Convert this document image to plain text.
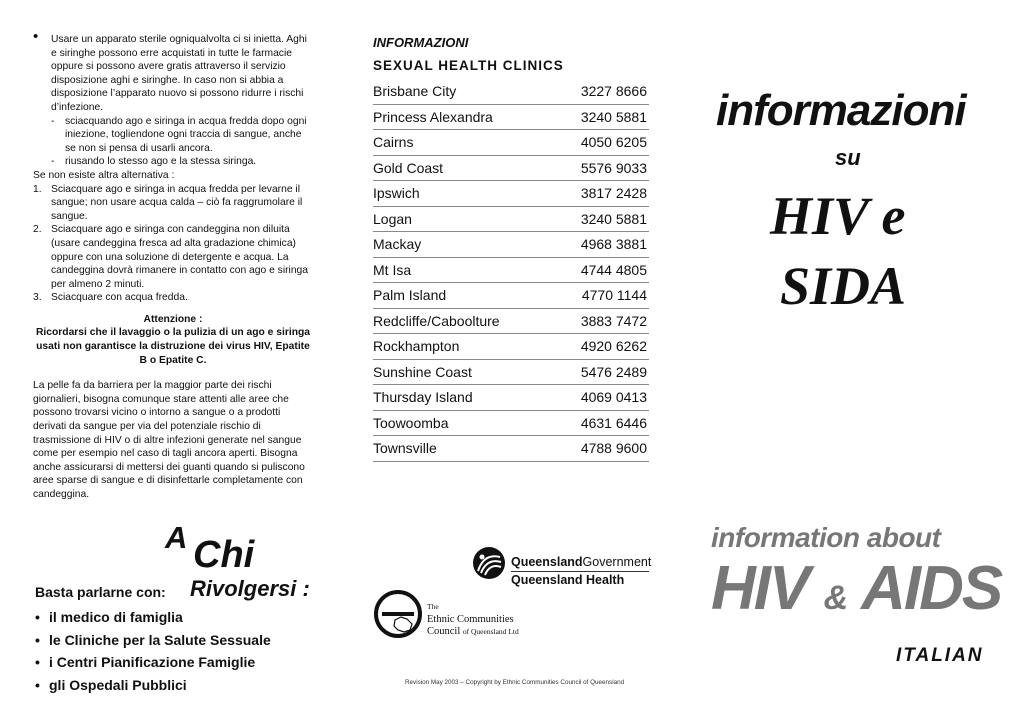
• Usare un apparato sterile ogniqualvolta ci si inietta. Aghi e siringhe possono erre acquistati in tutte le farmacie oppure si possono avere gratis attraverso il servizio disposizione aghi e siringhe. In caso non si abbia a disposizione l’apparato nuovo si possono ridurre i rischi d’infezione.

- sciacquando ago e siringa in acqua fredda dopo ogni iniezione, togliendone ogni traccia di sangue, anche se non si pensa di usarli ancora.

- riusando lo stesso ago e la stessa siringa.

Se non esiste altra alternativa :

1. Sciacquare ago e siringa in acqua fredda per levarne il sangue; non usare acqua calda – ciò fa raggrumolare il sangue.

2. Sciacquare ago e siringa con candeggina non diluita (usare candeggina fresca ad alta gradazione chimica) oppure con una soluzione di detergente e acqua. La candeggina dovrà rimanere in contatto con ago e siringa per almeno 2 minuti.

3. Sciacquare con acqua fredda.

Attenzione :
Ricordarsi che il lavaggio o la pulizia di un ago e siringa usati non garantisce la distruzione dei virus HIV, Epatite B o Epatite C.

La pelle fa da barriera per la maggior parte dei rischi giornalieri, bisogna comunque stare attenti alle aree che possono trovarsi vicino o intorno a sangue o a prodotti derivati da sangue per via del potenziale rischio di trasmissione di HIV o di altre infezioni generate nel sangue come per esempio nel caso di tagli ancora aperti. Bisogna anche assicurarsi di mettersi dei guanti quando si puliscono aree sparse di sangue e di disinfettarle completamente con candeggina.

A Chi
Rivolgersi :
Basta parlarne con:
• il medico di famiglia
• le Cliniche per la Salute Sessuale
• i Centri Pianificazione Famiglie
• gli Ospedali Pubblici
INFORMAZIONI
SEXUAL HEALTH CLINICS
Brisbane City	3227 8666
Princess Alexandra	3240 5881
Cairns	4050 6205
Gold Coast	5576 9033
Ipswich	3817 2428
Logan	3240 5881
Mackay	4968 3881
Mt Isa	4744 4805
Palm Island	4770 1144
Redcliffe/Caboolture	3883 7472
Rockhampton	4920 6262
Sunshine Coast	5476 2489
Thursday Island	4069 0413
Toowoomba	4631 6446
Townsville	4788 9600
QueenslandGovernment
Queensland Health
The
Ethnic Communities
Council of Queensland Ltd
Revision May 2003 – Copyright by Ethnic Communities Council of Queensland
informazioni
su
HIV e
SIDA
information about
HIV & AIDS
ITALIAN
